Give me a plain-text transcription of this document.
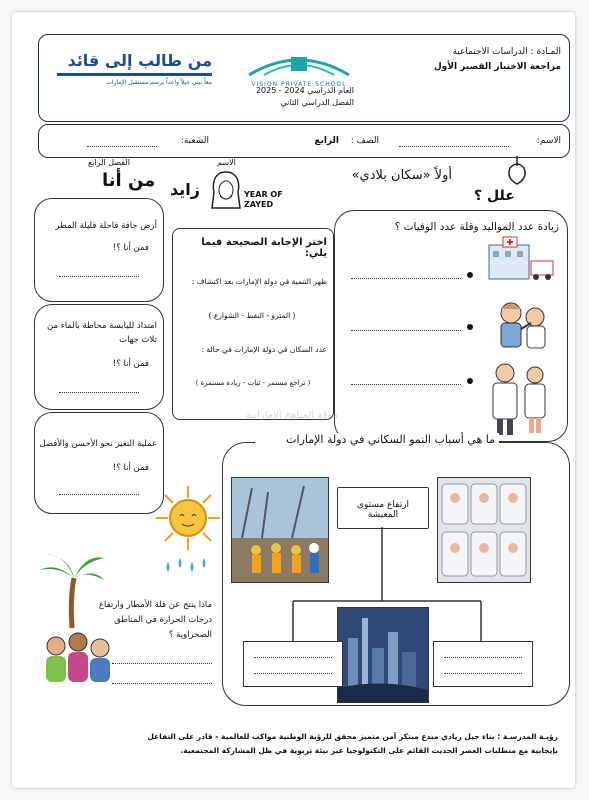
المـادة : الدراسات الاجتماعية
مراجعة الاختبار القصير الأول
VISION PRIVATE SCHOOL
العام الدراسي 2024 - 2025
الفصل الدراسي الثاني
من طالب إلى قائد
معاً نبني جيلاً واعداً يرسم مستقبل الإمارات
الاسم:
الصف :
الرابع
الشعبة:
الفصل الرابع
من أنا
الاسم
زايد	YEAR OF ZAYED
أولاً «سكان بلادي»
أرض جافة قاحلة قليلة المطر
فمن أنا ؟!
امتداد لليابسة محاطة بالماء من ثلاث جهات
فمن أنا ؟!
عملية التغير نحو الأحسن والأفضل
فمن أنا ؟!
اختر الإجابة الصحيحة فيما يلي:
ظهر التنمية في دولة الإمارات بعد اكتشاف :
( المترو - النفط - الشوارع )
عدد السكان في دولة الإمارات في حالة :
( تراجع مستمر - ثبات - زيادة مستمرة )
علل ؟
زيادة عدد المواليد وقلة عدد الوفيات ؟
موقع المناهج الإماراتية
ما هي أسباب النمو السكاني في دولة الإمارات
ارتفاع مستوى المعيشة
ماذا ينتج عن قلة الأمطار وارتفاع درجات الحرارة في المناطق الصحراوية ؟
رؤيـة المدرسـة : بناء جيل ريادي مبدع مبتكر آمن متميز محقق للرؤية الوطنية مواكب للعالمية - قادر على التفاعل
بإيجابية مع متطلبات العصر الحديث القائم على التكنولوجيا عبر بيئة تربوية في ظل المشاركة المجتمعية.
